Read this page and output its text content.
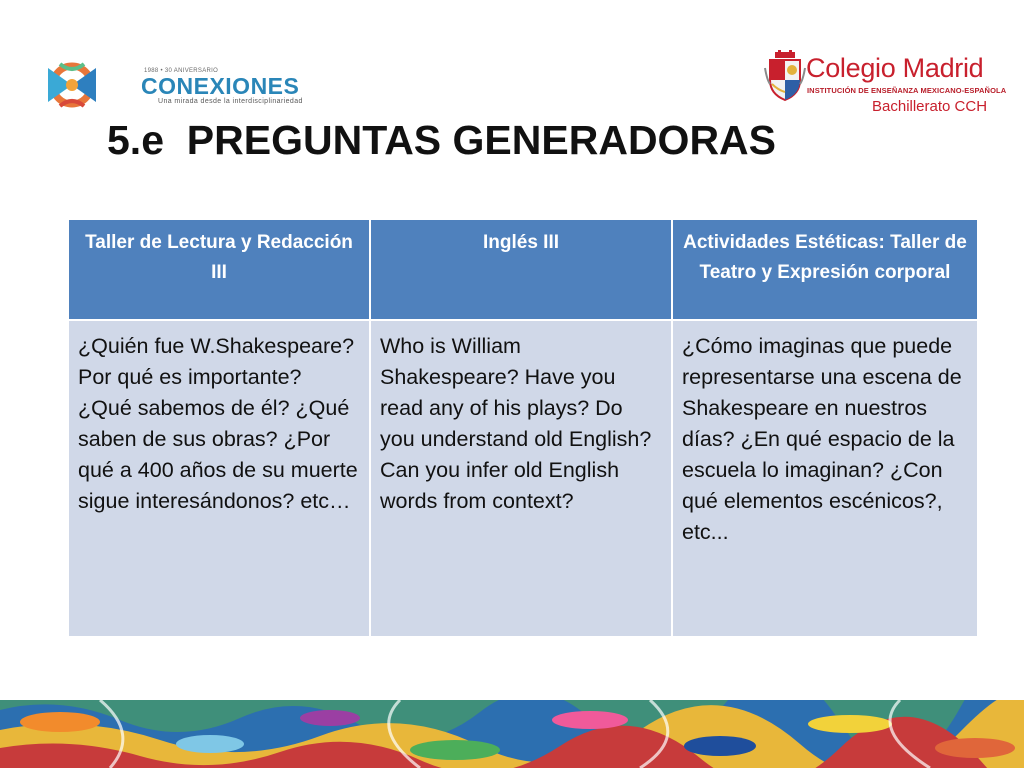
1988 • 30 ANIVERSARIO
CONEXIONES
Una mirada desde la interdisciplinariedad
Colegio Madrid
INSTITUCIÓN DE ENSEÑANZA MEXICANO-ESPAÑOLA
Bachillerato CCH
5.e  PREGUNTAS GENERADORAS
Taller de Lectura y Redacción III	Inglés III	Actividades Estéticas: Taller de Teatro y Expresión corporal

¿Quién fue W.Shakespeare? Por qué es importante? ¿Qué sabemos de él? ¿Qué saben de sus obras? ¿Por qué a 400 años de su muerte sigue interesándonos? etc…	Who is William Shakespeare? Have you read any of his plays? Do you understand old English? Can you infer old English words from context?	¿Cómo imaginas que puede representarse una escena de Shakespeare en nuestros días? ¿En qué espacio de la escuela lo imaginan? ¿Con qué elementos escénicos?, etc...
